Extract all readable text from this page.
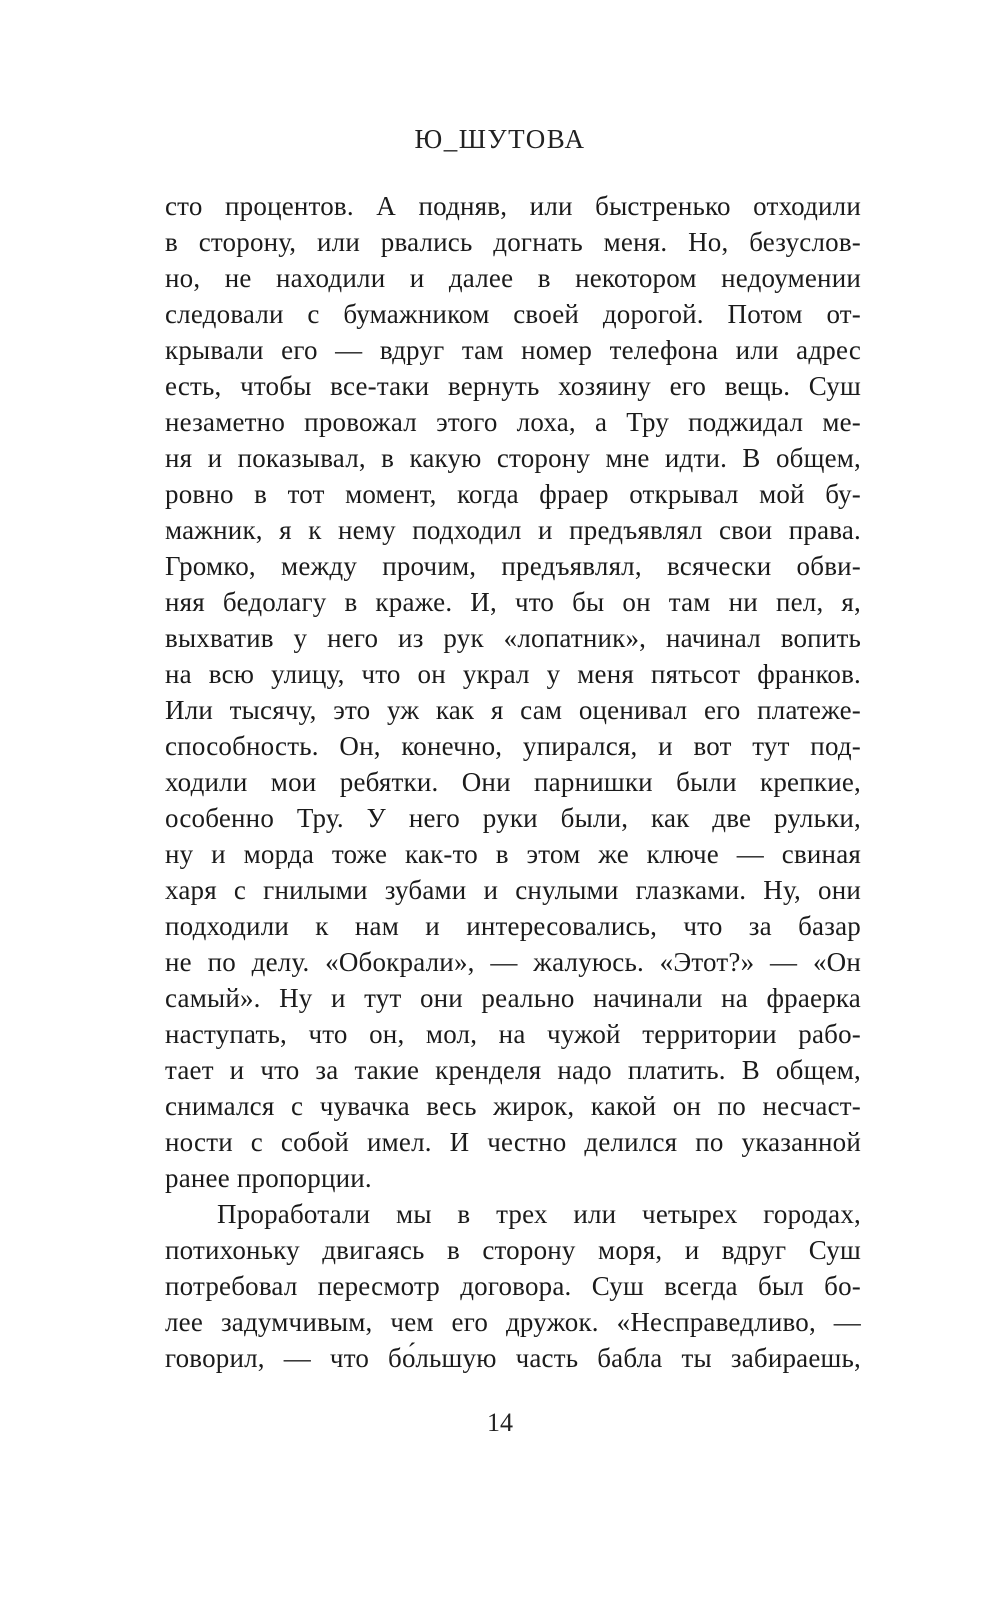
Ю_ШУТОВА
сто процентов. А подняв, или быстренько отходили
в сторону, или рвались догнать меня. Но, безуслов-
но, не находили и далее в некотором недоумении
следовали с бумажником своей дорогой. Потом от-
крывали его — вдруг там номер телефона или адрес
есть, чтобы все-таки вернуть хозяину его вещь. Суш
незаметно провожал этого лоха, а Тру поджидал ме-
ня и показывал, в какую сторону мне идти. В общем,
ровно в тот момент, когда фраер открывал мой бу-
мажник, я к нему подходил и предъявлял свои права.
Громко, между прочим, предъявлял, всячески обви-
няя бедолагу в краже. И, что бы он там ни пел, я,
выхватив у него из рук «лопатник», начинал вопить
на всю улицу, что он украл у меня пятьсот франков.
Или тысячу, это уж как я сам оценивал его платеже-
способность. Он, конечно, упирался, и вот тут под-
ходили мои ребятки. Они парнишки были крепкие,
особенно Тру. У него руки были, как две рульки,
ну и морда тоже как-то в этом же ключе — свиная
харя с гнилыми зубами и снулыми глазками. Ну, они
подходили к нам и интересовались, что за базар
не по делу. «Обокрали», — жалуюсь. «Этот?» — «Он
самый». Ну и тут они реально начинали на фраерка
наступать, что он, мол, на чужой территории рабо-
тает и что за такие кренделя надо платить. В общем,
снимался с чувачка весь жирок, какой он по несчаст-
ности с собой имел. И честно делился по указанной
ранее пропорции.
Проработали мы в трех или четырех городах,
потихоньку двигаясь в сторону моря, и вдруг Суш
потребовал пересмотр договора. Суш всегда был бо-
лее задумчивым, чем его дружок. «Несправедливо, —
говорил, — что бо́льшую часть бабла ты забираешь,
14
